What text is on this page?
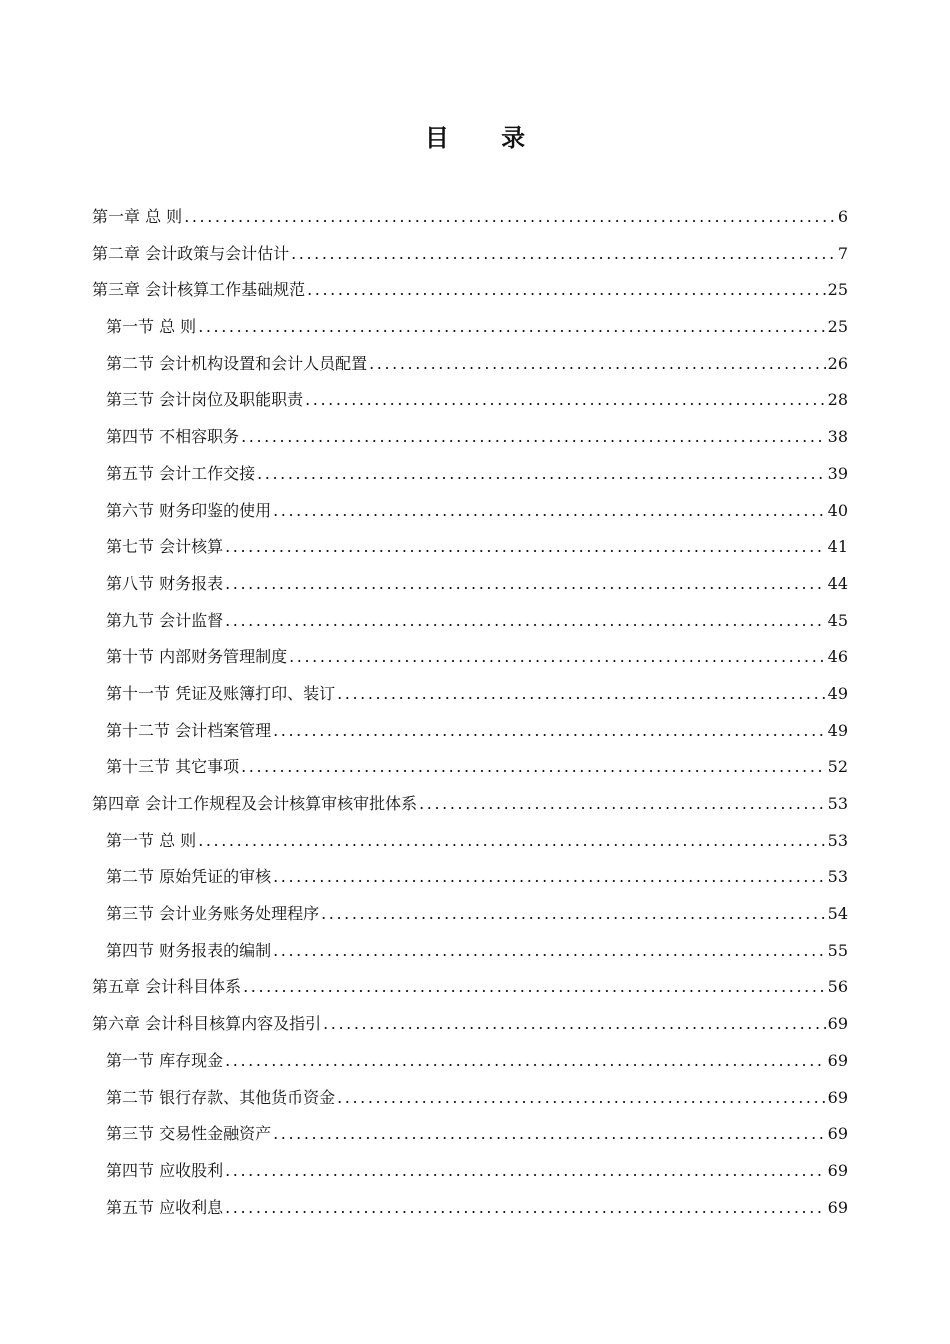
目 录
第一章 总 则 .....	6
第二章 会计政策与会计估计 .....	7
第三章 会计核算工作基础规范 .....	25
第一节 总 则 .....	25
第二节 会计机构设置和会计人员配置 .....	26
第三节 会计岗位及职能职责 .....	28
第四节 不相容职务 .....	38
第五节 会计工作交接 .....	39
第六节 财务印鉴的使用 .....	40
第七节 会计核算 .....	41
第八节 财务报表 .....	44
第九节 会计监督 .....	45
第十节 内部财务管理制度 .....	46
第十一节 凭证及账簿打印、装订 .....	49
第十二节 会计档案管理 .....	49
第十三节 其它事项 .....	52
第四章 会计工作规程及会计核算审核审批体系 .....	53
第一节 总 则 .....	53
第二节 原始凭证的审核 .....	53
第三节 会计业务账务处理程序 .....	54
第四节 财务报表的编制 .....	55
第五章 会计科目体系 .....	56
第六章 会计科目核算内容及指引 .....	69
第一节 库存现金 .....	69
第二节 银行存款、其他货币资金 .....	69
第三节 交易性金融资产 .....	69
第四节 应收股利 .....	69
第五节 应收利息 .....	69
